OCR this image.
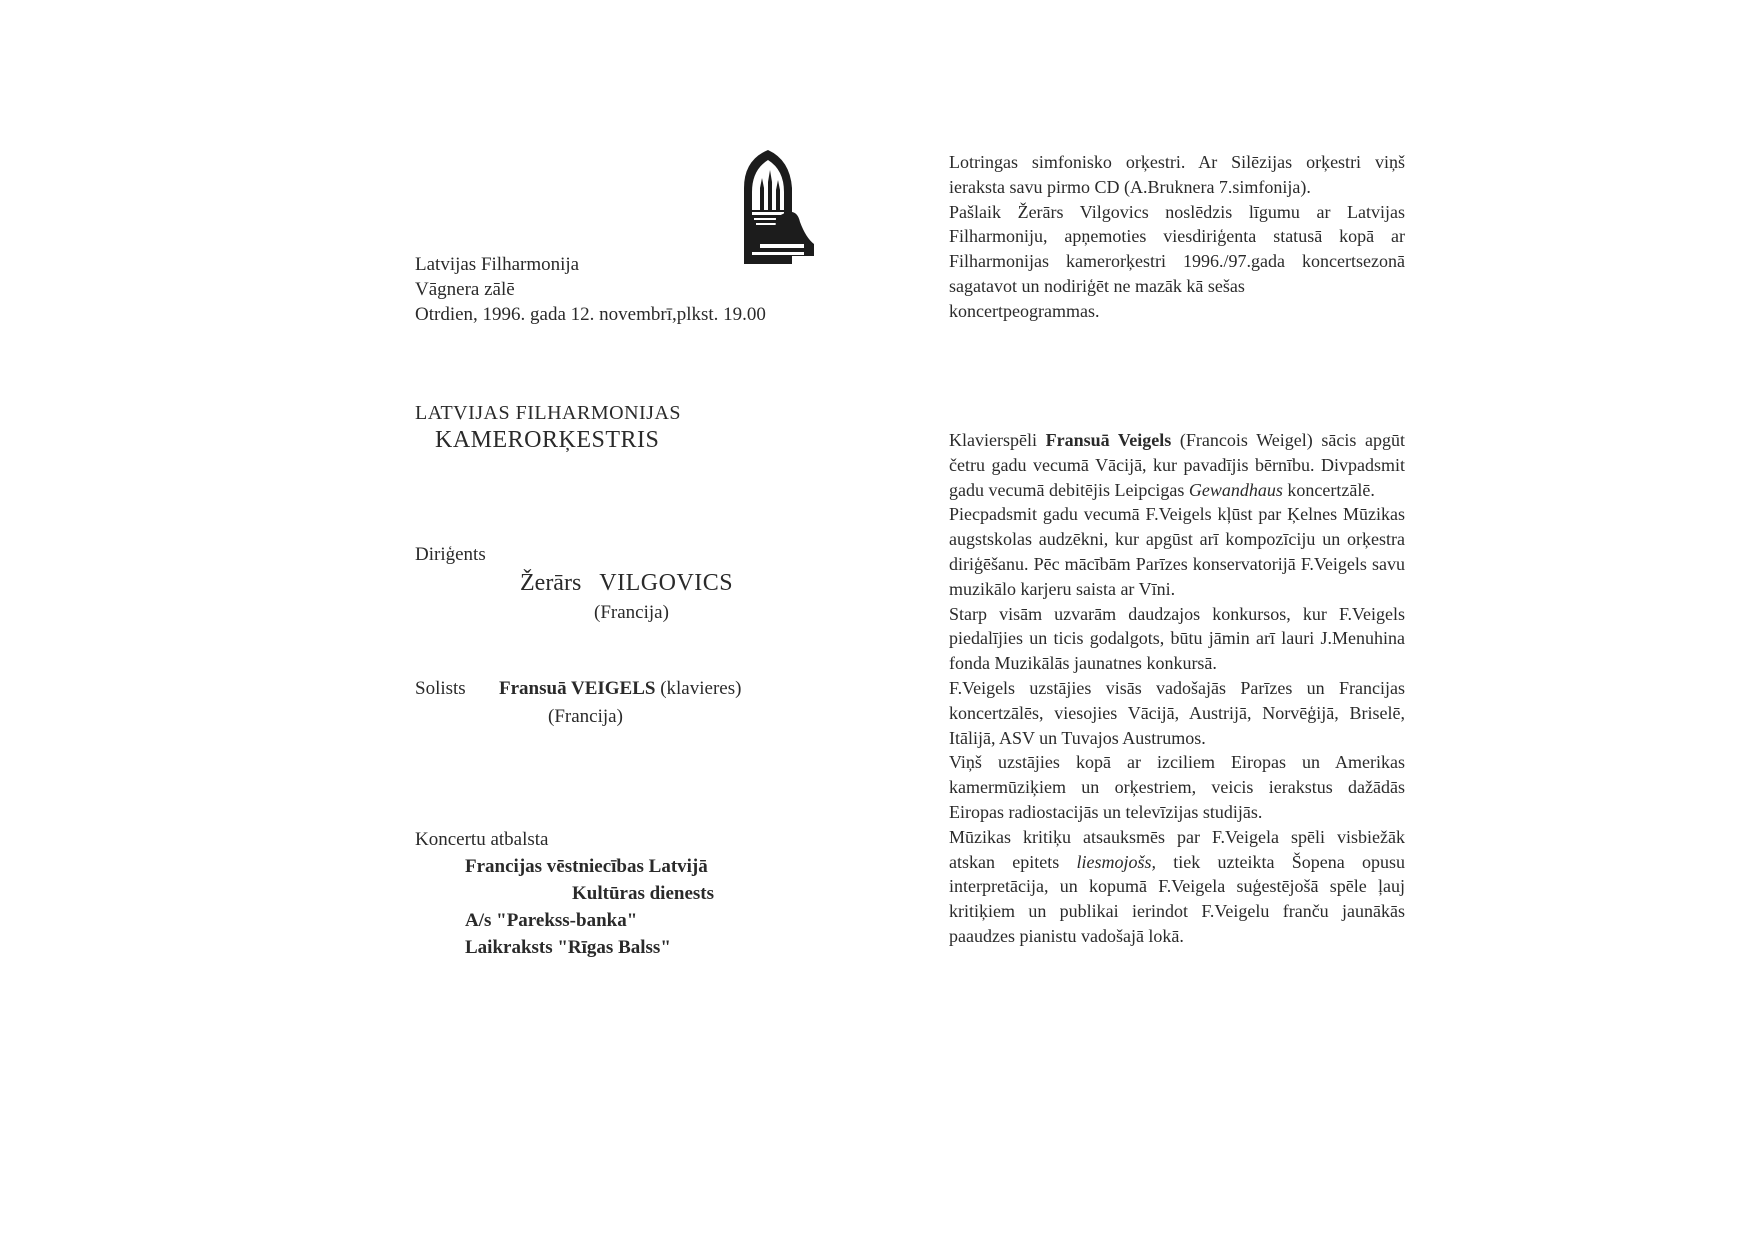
Latvijas Filharmonija
Vāgnera zālē
Otrdien, 1996. gada 12. novembrī,plkst. 19.00
LATVIJAS FILHARMONIJAS
KAMERORĶESTRIS
Diriģents
Žerārs VILGOVICS
(Francija)
Solists Fransuā VEIGELS (klavieres)
(Francija)
Koncertu atbalsta
Francijas vēstniecības Latvijā
Kultūras dienests
A/s "Parekss-banka"
Laikraksts "Rīgas Balss"

Lotringas simfonisko orķestri. Ar Silēzijas orķestri viņš ieraksta savu pirmo CD (A.Bruknera 7.simfonija).

Pašlaik Žerārs Vilgovics noslēdzis līgumu ar Latvijas Filharmoniju, apņemoties viesdiriģenta statusā kopā ar Filharmonijas kamerorķestri 1996./97.gada koncertsezonā sagatavot un nodiriģēt ne mazāk kā sešas

koncertpeogrammas.

Klavierspēli Fransuā Veigels (Francois Weigel) sācis apgūt četru gadu vecumā Vācijā, kur pavadījis bērnību. Divpadsmit gadu vecumā debitējis Leipcigas Gewandhaus koncertzālē.

Piecpadsmit gadu vecumā F.Veigels kļūst par Ķelnes Mūzikas augstskolas audzēkni, kur apgūst arī kompozīciju un orķestra diriģēšanu. Pēc mācībām Parīzes konservatorijā F.Veigels savu muzikālo karjeru saista ar Vīni.

Starp visām uzvarām daudzajos konkursos, kur F.Veigels piedalījies un ticis godalgots, būtu jāmin arī lauri J.Menuhina fonda Muzikālās jaunatnes konkursā.

F.Veigels uzstājies visās vadošajās Parīzes un Francijas koncertzālēs, viesojies Vācijā, Austrijā, Norvēģijā, Briselē, Itālijā, ASV un Tuvajos Austrumos.

Viņš uzstājies kopā ar izciliem Eiropas un Amerikas kamermūziķiem un orķestriem, veicis ierakstus dažādās Eiropas radiostacijās un televīzijas studijās.

Mūzikas kritiķu atsauksmēs par F.Veigela spēli visbiežāk atskan epitets liesmojošs, tiek uzteikta Šopena opusu interpretācija, un kopumā F.Veigela suģestējošā spēle ļauj kritiķiem un publikai ierindot F.Veigelu franču jaunākās paaudzes pianistu vadošajā lokā.
